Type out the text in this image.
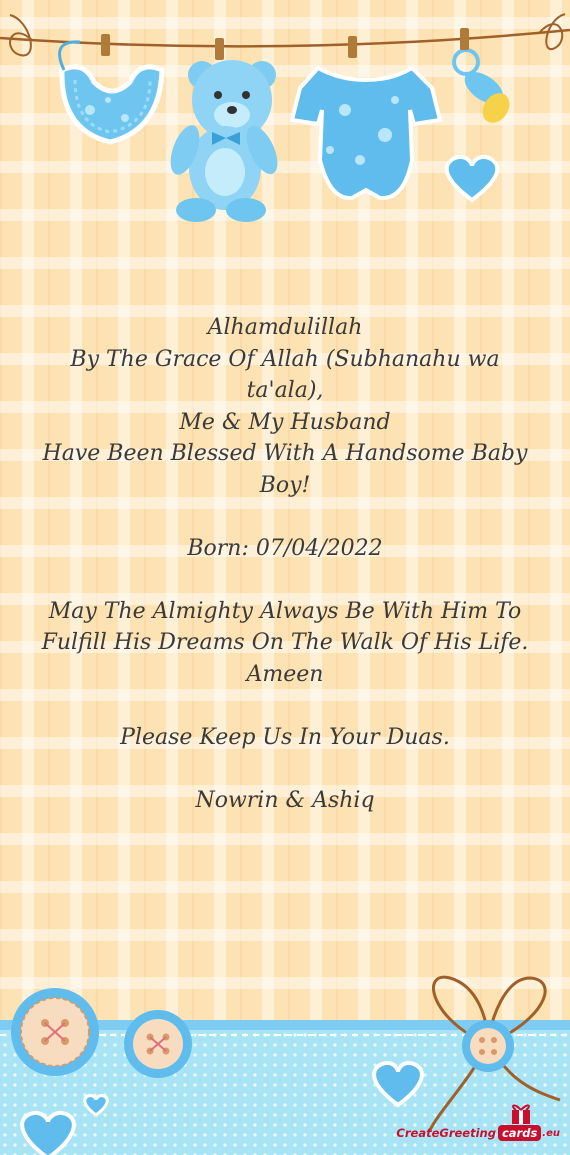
Alhamdulillah

By The Grace Of Allah (Subhanahu wa

ta'ala),

Me & My Husband

Have Been Blessed With A Handsome Baby

Boy!

Born: 07/04/2022

May The Almighty Always Be With Him To

Fulfill His Dreams On The Walk Of His Life.

Ameen

Please Keep Us In Your Duas.

Nowrin & Ashiq

CreateGreeting cards .eu
